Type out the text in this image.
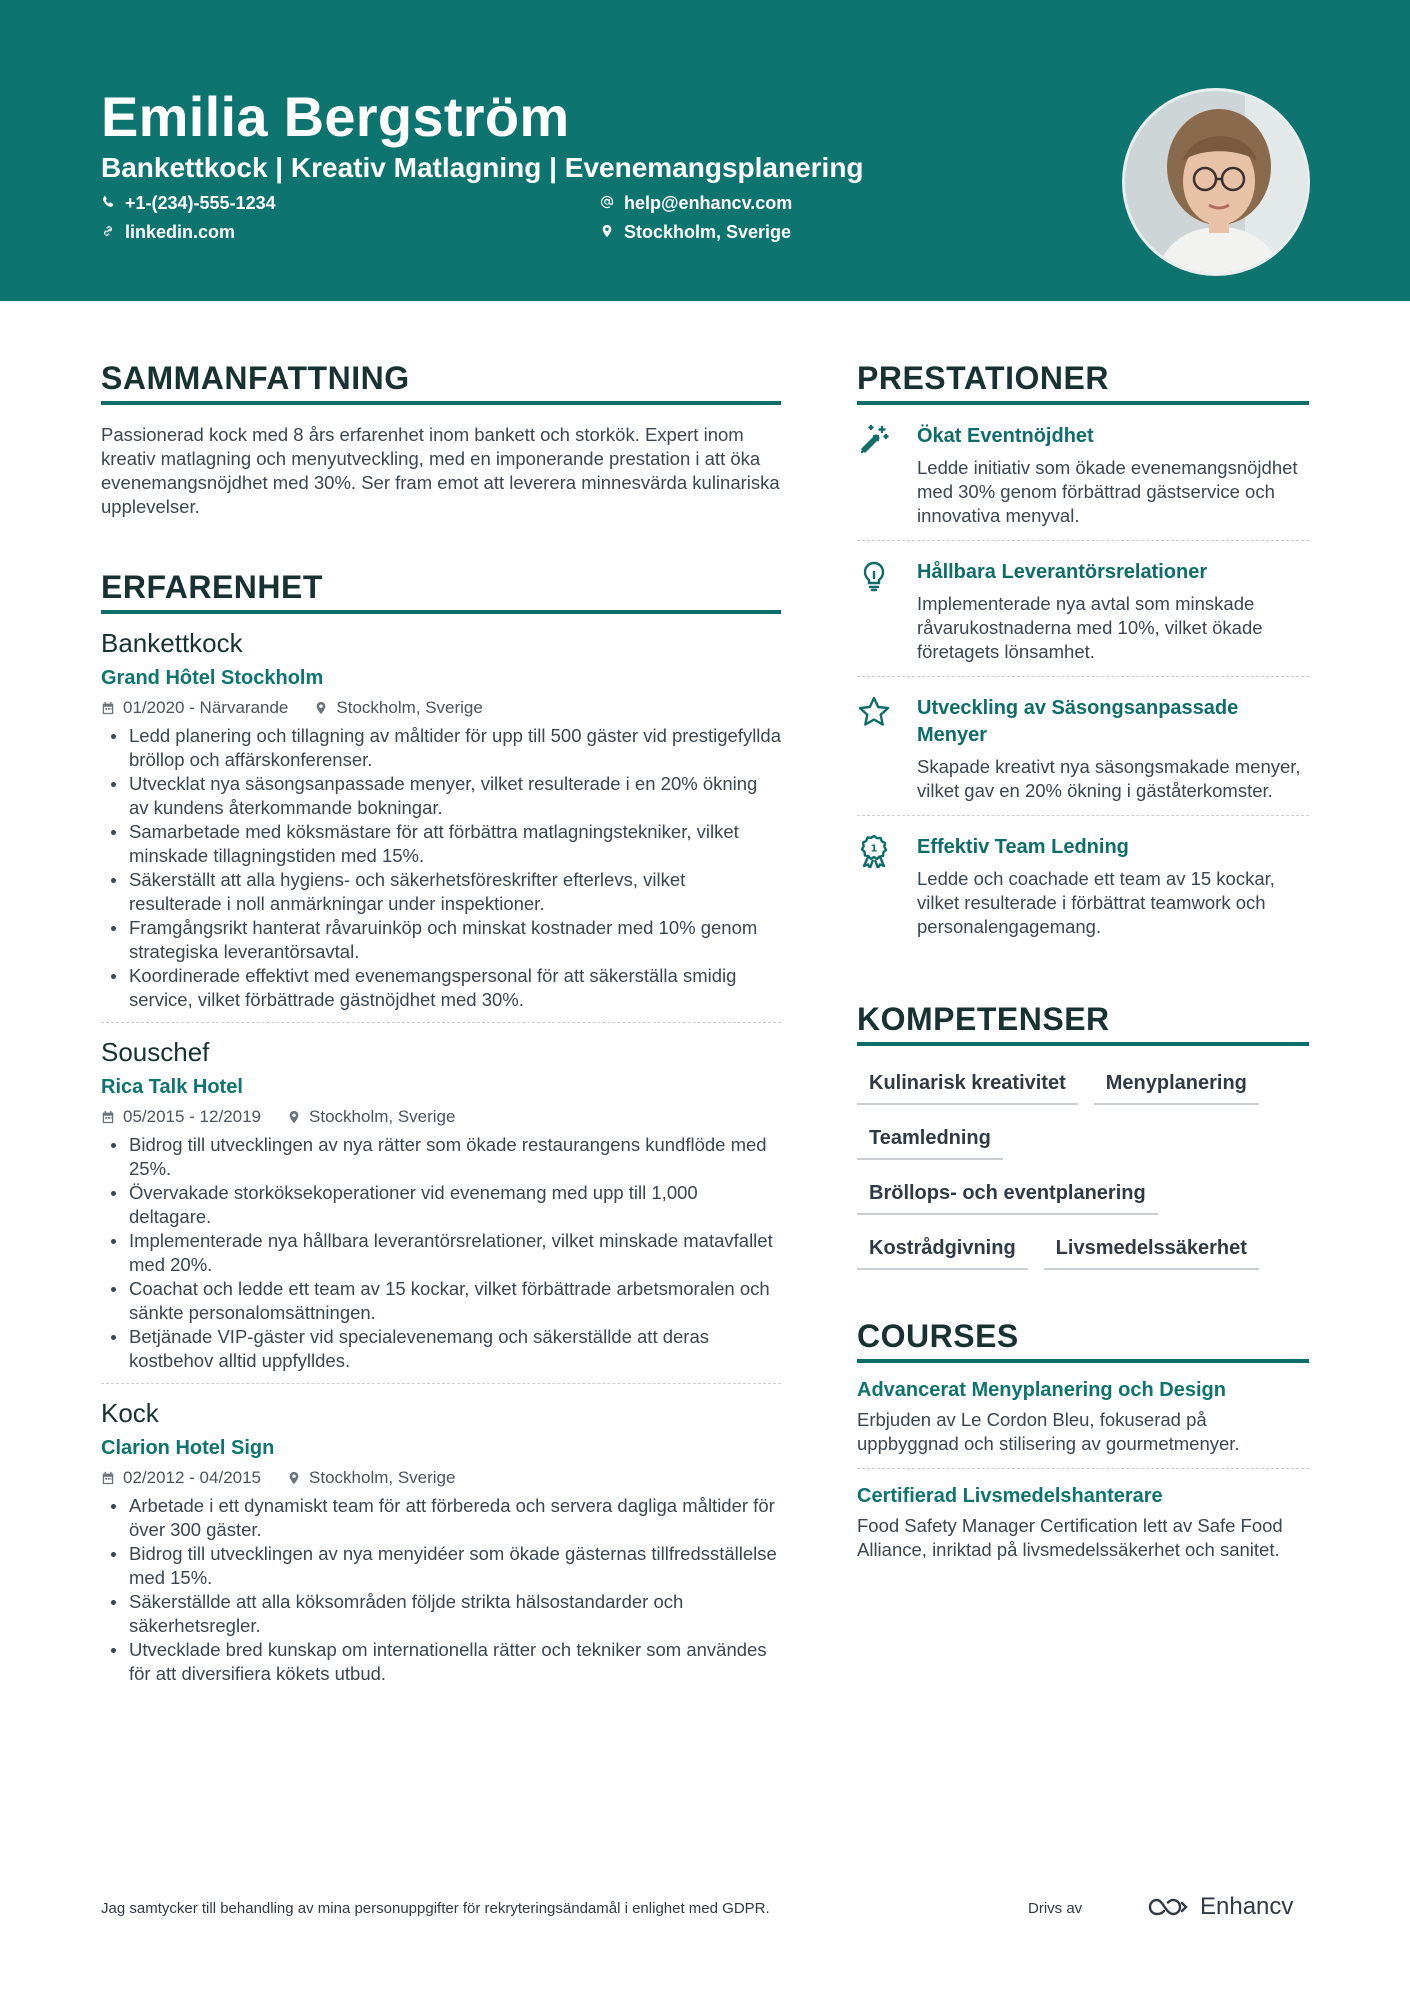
Emilia Bergström
Bankettkock | Kreativ Matlagning | Evenemangsplanering
+1-(234)-555-1234	help@enhancv.com
linkedin.com	Stockholm, Sverige
SAMMANFATTNING

Passionerad kock med 8 års erfarenhet inom bankett och storkök. Expert inom kreativ matlagning och menyutveckling, med en imponerande prestation i att öka evenemangsnöjdhet med 30%. Ser fram emot att leverera minnesvärda kulinariska upplevelser.

ERFARENHET
Bankettkock
Grand Hôtel Stockholm
01/2020 - Närvarande	Stockholm, Sverige
Ledd planering och tillagning av måltider för upp till 500 gäster vid prestigefyllda bröllop och affärskonferenser.
Utvecklat nya säsongsanpassade menyer, vilket resulterade i en 20% ökning av kundens återkommande bokningar.
Samarbetade med köksmästare för att förbättra matlagningstekniker, vilket minskade tillagningstiden med 15%.
Säkerställt att alla hygiens- och säkerhetsföreskrifter efterlevs, vilket resulterade i noll anmärkningar under inspektioner.
Framgångsrikt hanterat råvaruinköp och minskat kostnader med 10% genom strategiska leverantörsavtal.
Koordinerade effektivt med evenemangspersonal för att säkerställa smidig service, vilket förbättrade gästnöjdhet med 30%.
Souschef
Rica Talk Hotel
05/2015 - 12/2019	Stockholm, Sverige
Bidrog till utvecklingen av nya rätter som ökade restaurangens kundflöde med 25%.
Övervakade storköksekoperationer vid evenemang med upp till 1,000 deltagare.
Implementerade nya hållbara leverantörsrelationer, vilket minskade matavfallet med 20%.
Coachat och ledde ett team av 15 kockar, vilket förbättrade arbetsmoralen och sänkte personalomsättningen.
Betjänade VIP-gäster vid specialevenemang och säkerställde att deras kostbehov alltid uppfylldes.
Kock
Clarion Hotel Sign
02/2012 - 04/2015	Stockholm, Sverige
Arbetade i ett dynamiskt team för att förbereda och servera dagliga måltider för över 300 gäster.
Bidrog till utvecklingen av nya menyidéer som ökade gästernas tillfredsställelse med 15%.
Säkerställde att alla köksområden följde strikta hälsostandarder och säkerhetsregler.
Utvecklade bred kunskap om internationella rätter och tekniker som användes för att diversifiera kökets utbud.
PRESTATIONER
Ökat Eventnöjdhet
Ledde initiativ som ökade evenemangsnöjdhet med 30% genom förbättrad gästservice och innovativa menyval.
Hållbara Leverantörsrelationer
Implementerade nya avtal som minskade råvarukostnaderna med 10%, vilket ökade företagets lönsamhet.
Utveckling av Säsongsanpassade Menyer
Skapade kreativt nya säsongsmakade menyer, vilket gav en 20% ökning i gäståterkomster.
1 Effektiv Team Ledning
Ledde och coachade ett team av 15 kockar, vilket resulterade i förbättrat teamwork och personalengagemang.
KOMPETENSER
Kulinarisk kreativitet	Menyplanering
Teamledning
Bröllops- och eventplanering
Kostrådgivning	Livsmedelssäkerhet
COURSES
Advancerat Menyplanering och Design
Erbjuden av Le Cordon Bleu, fokuserad på uppbyggnad och stilisering av gourmetmenyer.
Certifierad Livsmedelshanterare
Food Safety Manager Certification lett av Safe Food Alliance, inriktad på livsmedelssäkerhet och sanitet.
Jag samtycker till behandling av mina personuppgifter för rekryteringsändamål i enlighet med GDPR.	Drivs av	Enhancv
